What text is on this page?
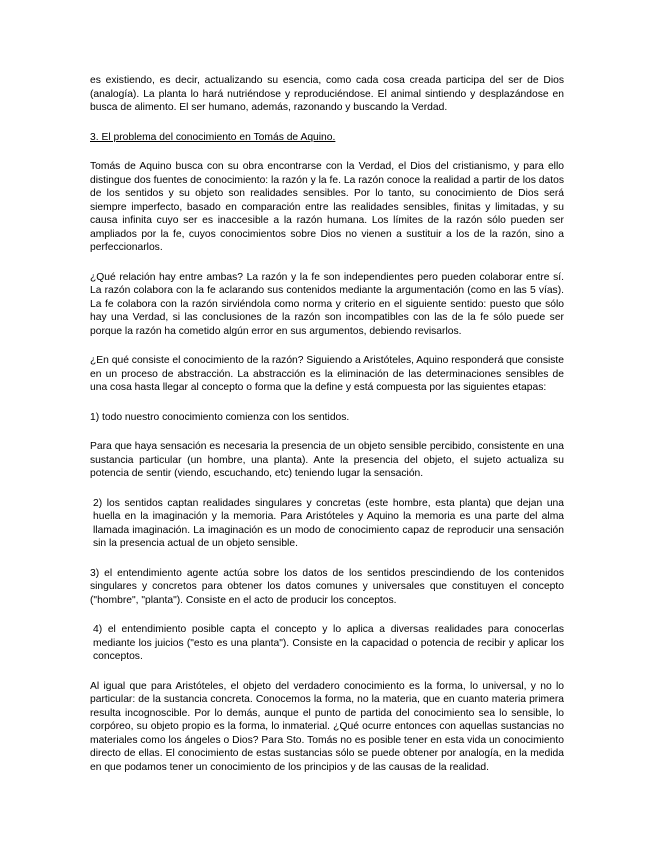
es existiendo, es decir, actualizando su esencia, como cada cosa creada participa del ser de Dios (analogía). La planta lo hará nutriéndose y reproduciéndose. El animal sintiendo y desplazándose en busca de alimento. El ser humano, además, razonando y buscando la Verdad.

3. El problema del conocimiento en Tomás de Aquino.

Tomás de Aquino busca con su obra encontrarse con la Verdad, el Dios del cristianismo, y para ello distingue dos fuentes de conocimiento: la razón y la fe. La razón conoce la realidad a partir de los datos de los sentidos y su objeto son realidades sensibles. Por lo tanto, su conocimiento de Dios será siempre imperfecto, basado en comparación entre las realidades sensibles, finitas y limitadas, y su causa infinita cuyo ser es inaccesible a la razón humana. Los límites de la razón sólo pueden ser ampliados por la fe, cuyos conocimientos sobre Dios no vienen a sustituir a los de la razón, sino a perfeccionarlos.

¿Qué relación hay entre ambas? La razón y la fe son independientes pero pueden colaborar entre sí. La razón colabora con la fe aclarando sus contenidos mediante la argumentación (como en las 5 vías). La fe colabora con la razón sirviéndola como norma y criterio en el siguiente sentido: puesto que sólo hay una Verdad, si las conclusiones de la razón son incompatibles con las de la fe sólo puede ser porque la razón ha cometido algún error en sus argumentos, debiendo revisarlos.

¿En qué consiste el conocimiento de la razón? Siguiendo a Aristóteles, Aquino responderá que consiste en un proceso de abstracción. La abstracción es la eliminación de las determinaciones sensibles de una cosa hasta llegar al concepto o forma que la define y está compuesta por las siguientes etapas:

1) todo nuestro conocimiento comienza con los sentidos.

Para que haya sensación es necesaria la presencia de un objeto sensible percibido, consistente en una sustancia particular (un hombre, una planta). Ante la presencia del objeto, el sujeto actualiza su potencia de sentir (viendo, escuchando, etc) teniendo lugar la sensación.

2) los sentidos captan realidades singulares y concretas (este hombre, esta planta) que dejan una huella en la imaginación y la memoria. Para Aristóteles y Aquino la memoria es una parte del alma llamada imaginación. La imaginación es un modo de conocimiento capaz de reproducir una sensación sin la presencia actual de un objeto sensible.

3) el entendimiento agente actúa sobre los datos de los sentidos prescindiendo de los contenidos singulares y concretos para obtener los datos comunes y universales que constituyen el concepto ("hombre", "planta"). Consiste en el acto de producir los conceptos.

4) el entendimiento posible capta el concepto y lo aplica a diversas realidades para conocerlas mediante los juicios ("esto es una planta"). Consiste en la capacidad o potencia de recibir y aplicar los conceptos.

Al igual que para Aristóteles, el objeto del verdadero conocimiento es la forma, lo universal, y no lo particular: de la sustancia concreta. Conocemos la forma, no la materia, que en cuanto materia primera resulta incognoscible. Por lo demás, aunque el punto de partida del conocimiento sea lo sensible, lo corpóreo, su objeto propio es la forma, lo inmaterial. ¿Qué ocurre entonces con aquellas sustancias no materiales como los ángeles o Dios? Para Sto. Tomás no es posible tener en esta vida un conocimiento directo de ellas. El conocimiento de estas sustancias sólo se puede obtener por analogía, en la medida en que podamos tener un conocimiento de los principios y de las causas de la realidad.
